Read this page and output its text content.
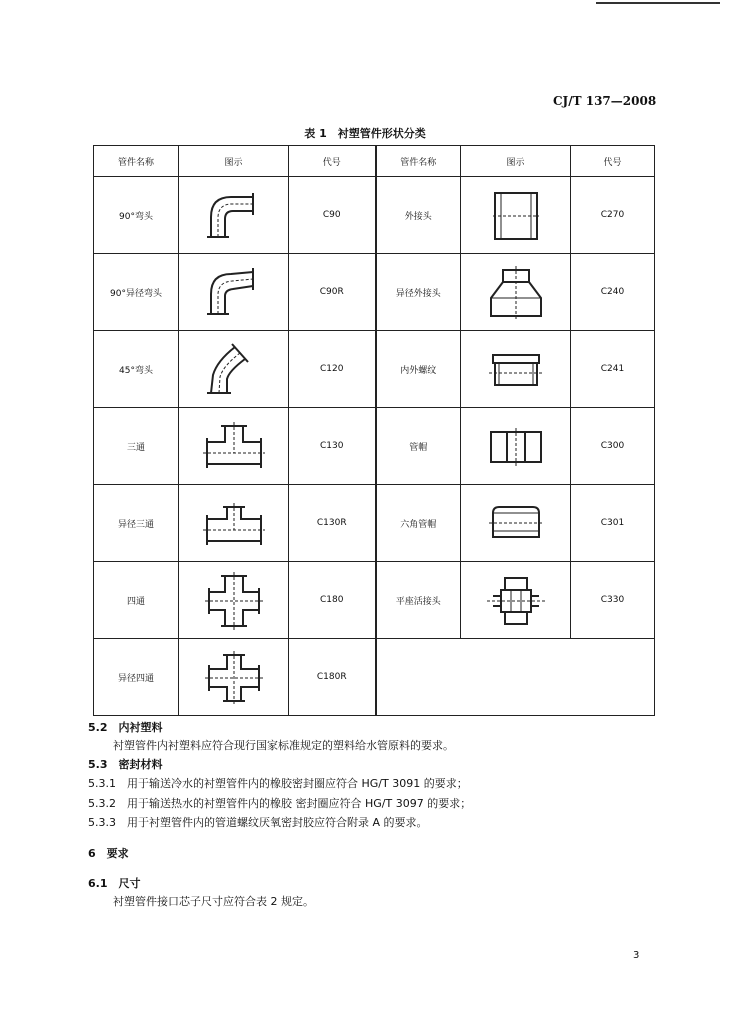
CJ/T 137—2008
表 1　衬塑管件形状分类
管件名称	图示	代号	管件名称	图示	代号
90°弯头		C90	外接头		C270
90°异径弯头		C90R	异径外接头		C240
45°弯头		C120	内外螺纹		C241
三通		C130	管帽		C300
异径三通		C130R	六角管帽		C301
四通		C180	平座活接头		C330
异径四通		C180R			
5.2　 内衬塑料
衬塑管件内衬塑料应符合现行国家标准规定的塑料给水管原料的要求。
5.3　 密封材料
5.3.1　 用于输送冷水的衬塑管件内的橡胶密封圈应符合 HG/T 3091 的要求；
5.3.2　 用于输送热水的衬塑管件内的橡胶 密封圈应符合 HG/T 3097 的要求；
5.3.3　 用于衬塑管件内的管道螺纹厌氧密封胶应符合附录 A 的要求。
6　 要求
6.1　 尺寸
衬塑管件接口芯子尺寸应符合表 2 规定。
3
